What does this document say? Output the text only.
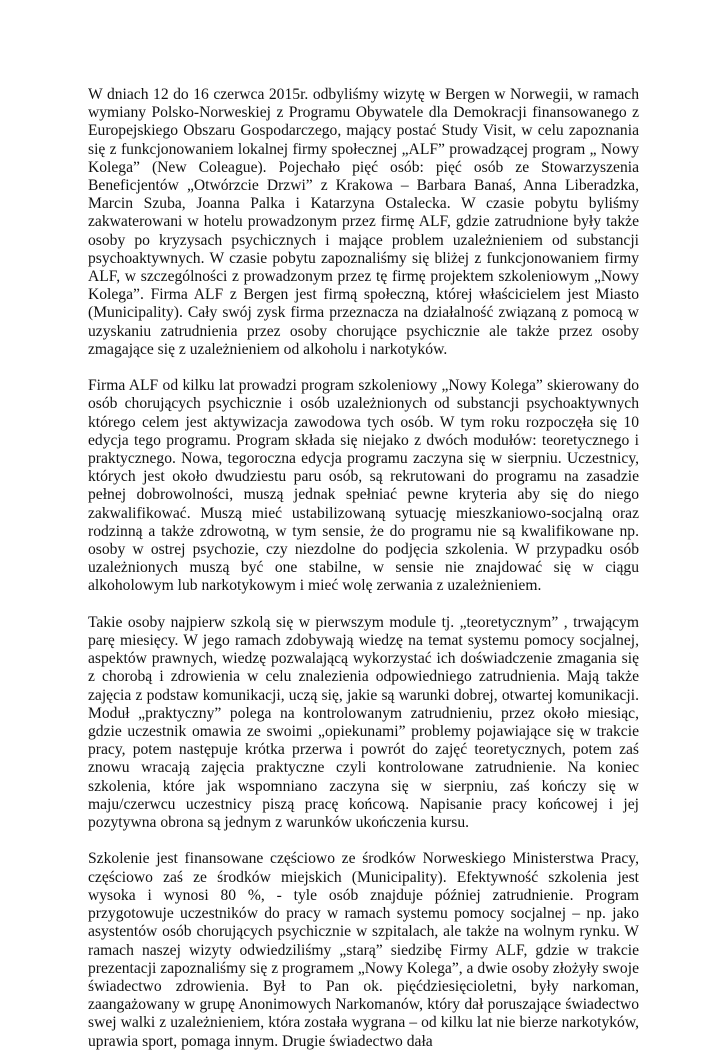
W dniach 12 do 16 czerwca 2015r. odbyliśmy wizytę w Bergen w Norwegii, w ramach wymiany Polsko-Norweskiej z Programu Obywatele dla Demokracji finansowanego z Europejskiego Obszaru Gospodarczego, mający postać Study Visit, w celu zapoznania się z funkcjonowaniem lokalnej firmy społecznej „ALF” prowadzącej program „ Nowy Kolega” (New Coleague). Pojechało pięć osób: pięć osób ze Stowarzyszenia Beneficjentów „Otwórzcie Drzwi” z Krakowa – Barbara Banaś, Anna Liberadzka, Marcin Szuba, Joanna Palka i Katarzyna Ostalecka. W czasie pobytu byliśmy zakwaterowani w hotelu prowadzonym przez firmę ALF, gdzie zatrudnione były także osoby po kryzysach psychicznych i mające problem uzależnieniem od substancji psychoaktywnych. W czasie pobytu zapoznaliśmy się bliżej z funkcjonowaniem firmy ALF, w szczególności z prowadzonym przez tę firmę projektem szkoleniowym „Nowy Kolega”. Firma ALF z Bergen jest firmą społeczną, której właścicielem jest Miasto (Municipality). Cały swój zysk firma przeznacza na działalność związaną z pomocą w uzyskaniu zatrudnienia przez osoby chorujące psychicznie ale także przez osoby zmagające się z uzależnieniem od alkoholu i narkotyków.

Firma ALF od kilku lat prowadzi program szkoleniowy „Nowy Kolega” skierowany do osób chorujących psychicznie i osób uzależnionych od substancji psychoaktywnych którego celem jest aktywizacja zawodowa tych osób. W tym roku rozpoczęła się 10 edycja tego programu. Program składa się niejako z dwóch modułów: teoretycznego i praktycznego. Nowa, tegoroczna edycja programu zaczyna się w sierpniu. Uczestnicy, których jest około dwudziestu paru osób, są rekrutowani do programu na zasadzie pełnej dobrowolności, muszą jednak spełniać pewne kryteria aby się do niego zakwalifikować. Muszą mieć ustabilizowaną sytuację mieszkaniowo-socjalną oraz rodzinną a także zdrowotną, w tym sensie, że do programu nie są kwalifikowane np. osoby w ostrej psychozie, czy niezdolne do podjęcia szkolenia. W przypadku osób uzależnionych muszą być one stabilne, w sensie nie znajdować się w ciągu alkoholowym lub narkotykowym i mieć wolę zerwania z uzależnieniem.

Takie osoby najpierw szkolą się w pierwszym module tj. „teoretycznym” , trwającym parę miesięcy. W jego ramach zdobywają wiedzę na temat systemu pomocy socjalnej, aspektów prawnych, wiedzę pozwalającą wykorzystać ich doświadczenie zmagania się z chorobą i zdrowienia w celu znalezienia odpowiedniego zatrudnienia. Mają także zajęcia z podstaw komunikacji, uczą się, jakie są warunki dobrej, otwartej komunikacji. Moduł „praktyczny” polega na kontrolowanym zatrudnieniu, przez około miesiąc, gdzie uczestnik omawia ze swoimi „opiekunami” problemy pojawiające się w trakcie pracy, potem następuje krótka przerwa i powrót do zajęć teoretycznych, potem zaś znowu wracają zajęcia praktyczne czyli kontrolowane zatrudnienie. Na koniec szkolenia, które jak wspomniano zaczyna się w sierpniu, zaś kończy się w maju/czerwcu uczestnicy piszą pracę końcową. Napisanie pracy końcowej i jej pozytywna obrona są jednym z warunków ukończenia kursu.

Szkolenie jest finansowane częściowo ze środków Norweskiego Ministerstwa Pracy, częściowo zaś ze środków miejskich (Municipality). Efektywność szkolenia jest wysoka i wynosi 80 %, - tyle osób znajduje później zatrudnienie. Program przygotowuje uczestników do pracy w ramach systemu pomocy socjalnej – np. jako asystentów osób chorujących psychicznie w szpitalach, ale także na wolnym rynku. W ramach naszej wizyty odwiedziliśmy „starą” siedzibę Firmy ALF, gdzie w trakcie prezentacji zapoznaliśmy się z programem „Nowy Kolega”, a dwie osoby złożyły swoje świadectwo zdrowienia. Był to Pan ok. pięćdziesięcioletni, były narkoman, zaangażowany w grupę Anonimowych Narkomanów, który dał poruszające świadectwo swej walki z uzależnieniem, która została wygrana – od kilku lat nie bierze narkotyków, uprawia sport, pomaga innym. Drugie świadectwo dała
